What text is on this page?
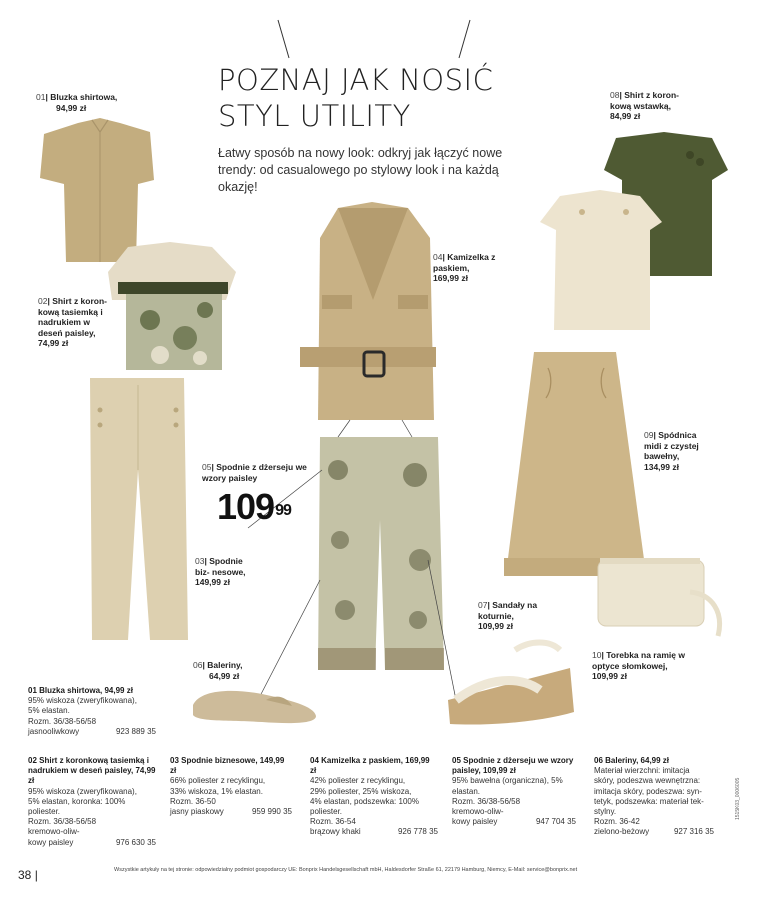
POZNAJ JAK NOSIĆ
STYL UTILITY
Łatwy sposób na nowy look: odkryj jak łączyć nowe trendy: od casualowego po stylowy look i na każdą okazję!
01| Bluzka shirtowa,
94,99 zł
02| Shirt z koron- kową tasiemką i nadrukiem w deseń paisley,
74,99 zł
03| Spodnie biz- nesowe,
149,99 zł
04| Kamizelka z paskiem,
169,99 zł
05| Spodnie z dżerseju we wzory paisley
$109^{99}$
06| Baleriny,
64,99 zł
07| Sandały na koturnie,
109,99 zł
08| Shirt z koron- kową wstawką,
84,99 zł
09| Spódnica midi z czystej bawełny,
134,99 zł
10| Torebka na ramię w optyce słomkowej,
109,99 zł
01 Bluzka shirtowa, 94,99 zł
95% wiskoza (zweryfikowana),
5% elastan.
Rozm. 36/38-56/58
jasnooliwkowy	923 889 35
02 Shirt z koronkową tasiemką i nadrukiem w deseń paisley, 74,99 zł
95% wiskoza (zweryfikowana),
5% elastan, koronka: 100%
poliester.
Rozm. 36/38-56/58
kremowo-oliw-
kowy paisley	976 630 35
03 Spodnie biznesowe, 149,99 zł
66% poliester z recyklingu,
33% wiskoza, 1% elastan.
Rozm. 36-50
jasny piaskowy	959 990 35
04 Kamizelka z paskiem, 169,99 zł
42% poliester z recyklingu,
29% poliester, 25% wiskoza,
4% elastan, podszewka: 100%
poliester.
Rozm. 36-54
brązowy khaki	926 778 35
05 Spodnie z dżerseju we wzory paisley, 109,99 zł
95% bawełna (organiczna), 5%
elastan.
Rozm. 36/38-56/58
kremowo-oliw-
kowy paisley	947 704 35
06 Baleriny, 64,99 zł
Materiał wierzchni: imitacja
skóry, podeszwa wewnętrzna:
imitacja skóry, podeszwa: syn-
tetyk, podszewka: materiał tek-
stylny.
Rozm. 36-42
zielono-beżowy	927 316 35
38 |	Wszystkie artykuły na tej stronie: odpowiedzialny podmiot gospodarczy UE: Bonprix Handelsgesellschaft mbH, Haldesdorfer Straße 61, 22179 Hamburg, Niemcy, E-Mail: service@bonprix.net
1515K03_0006005
